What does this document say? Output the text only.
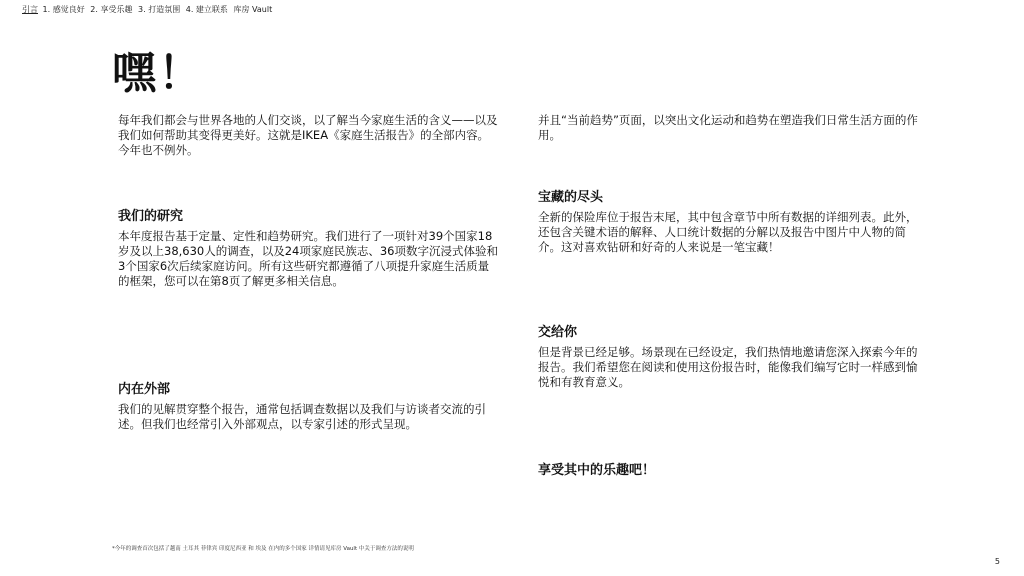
引言 1. 感觉良好 2. 享受乐趣 3. 打造氛围 4. 建立联系 库房 Vault
嘿！

每年我们都会与世界各地的人们交谈，以了解当今家庭生活的含义——以及我们如何帮助其变得更美好。这就是IKEA《家庭生活报告》的全部内容。今年也不例外。

我们的研究

本年度报告基于定量、定性和趋势研究。我们进行了一项针对39个国家18岁及以上38,630人的调查，以及24项家庭民族志、36项数字沉浸式体验和3个国家6次后续家庭访问。所有这些研究都遵循了八项提升家庭生活质量的框架，您可以在第8页了解更多相关信息。

内在外部

我们的见解贯穿整个报告，通常包括调查数据以及我们与访谈者交流的引述。但我们也经常引入外部观点，以专家引述的形式呈现。

并且“当前趋势”页面，以突出文化运动和趋势在塑造我们日常生活方面的作用。

宝藏的尽头

全新的保险库位于报告末尾，其中包含章节中所有数据的详细列表。此外，还包含关键术语的解释、人口统计数据的分解以及报告中图片中人物的简介。这对喜欢钻研和好奇的人来说是一笔宝藏！

交给你

但是背景已经足够。场景现在已经设定，我们热情地邀请您深入探索今年的报告。我们希望您在阅读和使用这份报告时，能像我们编写它时一样感到愉悦和有教育意义。

享受其中的乐趣吧！

*今年的调查首次包括了越南 土耳其 菲律宾 印度尼西亚 和 埃及 在内的多个国家 详情请见库房 Vault 中关于调查方法的说明

5
